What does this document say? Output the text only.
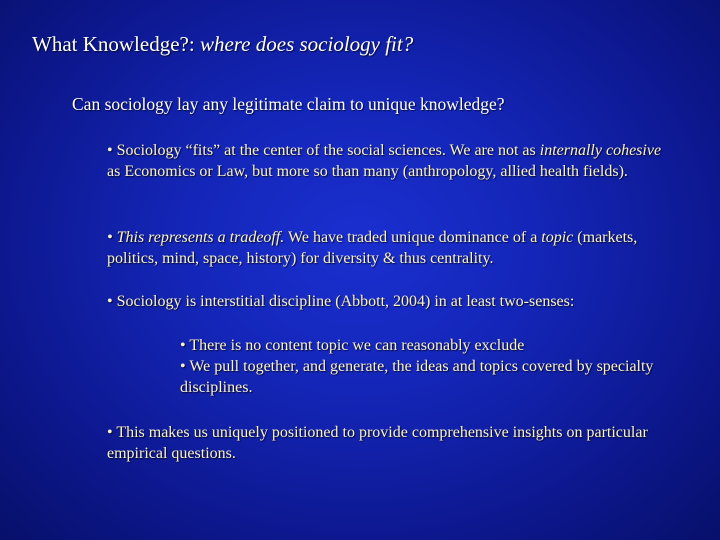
What Knowledge?: where does sociology fit?
Can sociology lay any legitimate claim to unique knowledge?
• Sociology “fits” at the center of the social sciences. We are not as internally cohesive as Economics or Law, but more so than many (anthropology, allied health fields).
• This represents a tradeoff. We have traded unique dominance of a topic (markets, politics, mind, space, history) for diversity & thus centrality.
• Sociology is interstitial discipline (Abbott, 2004) in at least two-senses:

• There is no content topic we can reasonably exclude

• We pull together, and generate, the ideas and topics covered by specialty disciplines.

• This makes us uniquely positioned to provide comprehensive insights on particular empirical questions.
